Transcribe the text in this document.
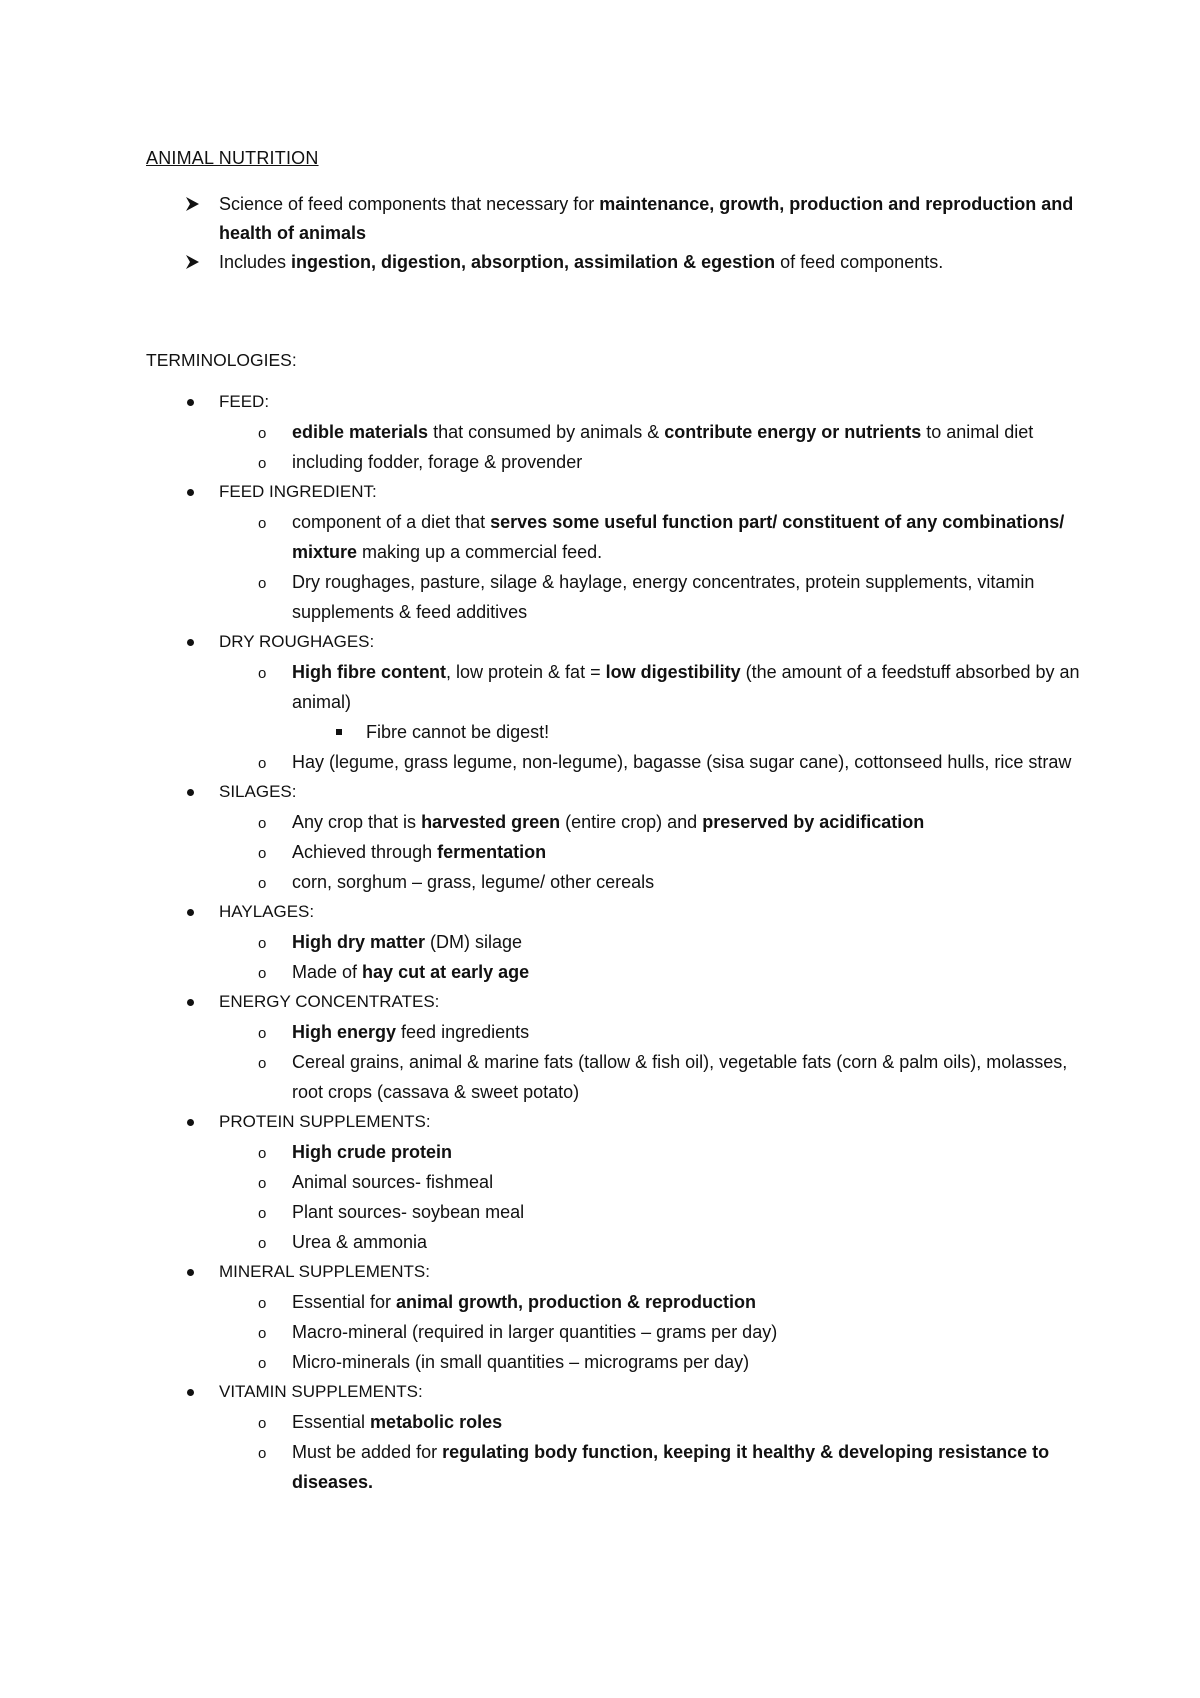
ANIMAL NUTRITION
Science of feed components that necessary for maintenance, growth, production and reproduction and health of animals
Includes ingestion, digestion, absorption, assimilation & egestion of feed components.
TERMINOLOGIES:
FEED:
o edible materials that consumed by animals & contribute energy or nutrients to animal diet
o including fodder, forage & provender
FEED INGREDIENT:
o component of a diet that serves some useful function part/ constituent of any combinations/ mixture making up a commercial feed.
o Dry roughages, pasture, silage & haylage, energy concentrates, protein supplements, vitamin supplements & feed additives
DRY ROUGHAGES:
o High fibre content, low protein & fat = low digestibility (the amount of a feedstuff absorbed by an animal)
Fibre cannot be digest!
o Hay (legume, grass legume, non-legume), bagasse (sisa sugar cane), cottonseed hulls, rice straw
SILAGES:
o Any crop that is harvested green (entire crop) and preserved by acidification
o Achieved through fermentation
o corn, sorghum – grass, legume/ other cereals
HAYLAGES:
o High dry matter (DM) silage
o Made of hay cut at early age
ENERGY CONCENTRATES:
o High energy feed ingredients
o Cereal grains, animal & marine fats (tallow & fish oil), vegetable fats (corn & palm oils), molasses, root crops (cassava & sweet potato)
PROTEIN SUPPLEMENTS:
o High crude protein
o Animal sources- fishmeal
o Plant sources- soybean meal
o Urea & ammonia
MINERAL SUPPLEMENTS:
o Essential for animal growth, production & reproduction
o Macro-mineral (required in larger quantities – grams per day)
o Micro-minerals (in small quantities – micrograms per day)
VITAMIN SUPPLEMENTS:
o Essential metabolic roles
o Must be added for regulating body function, keeping it healthy & developing resistance to diseases.
